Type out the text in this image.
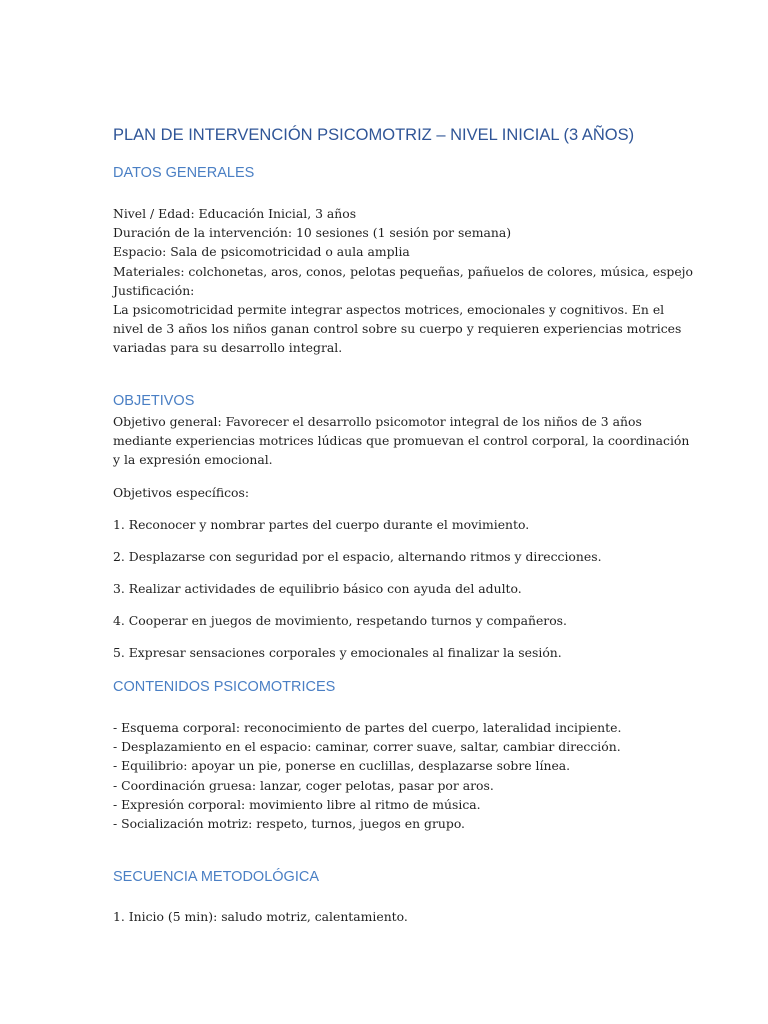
PLAN DE INTERVENCIÓN PSICOMOTRIZ – NIVEL INICIAL (3 AÑOS)
DATOS GENERALES
Nivel / Edad: Educación Inicial, 3 años
Duración de la intervención: 10 sesiones (1 sesión por semana)
Espacio: Sala de psicomotricidad o aula amplia
Materiales: colchonetas, aros, conos, pelotas pequeñas, pañuelos de colores, música, espejo
Justificación:
La psicomotricidad permite integrar aspectos motrices, emocionales y cognitivos. En el
nivel de 3 años los niños ganan control sobre su cuerpo y requieren experiencias motrices
variadas para su desarrollo integral.
OBJETIVOS
Objetivo general: Favorecer el desarrollo psicomotor integral de los niños de 3 años
mediante experiencias motrices lúdicas que promuevan el control corporal, la coordinación
y la expresión emocional.

Objetivos específicos:

1. Reconocer y nombrar partes del cuerpo durante el movimiento.

2. Desplazarse con seguridad por el espacio, alternando ritmos y direcciones.

3. Realizar actividades de equilibrio básico con ayuda del adulto.

4. Cooperar en juegos de movimiento, respetando turnos y compañeros.

5. Expresar sensaciones corporales y emocionales al finalizar la sesión.

CONTENIDOS PSICOMOTRICES
- Esquema corporal: reconocimiento de partes del cuerpo, lateralidad incipiente.
- Desplazamiento en el espacio: caminar, correr suave, saltar, cambiar dirección.
- Equilibrio: apoyar un pie, ponerse en cuclillas, desplazarse sobre línea.
- Coordinación gruesa: lanzar, coger pelotas, pasar por aros.
- Expresión corporal: movimiento libre al ritmo de música.
- Socialización motriz: respeto, turnos, juegos en grupo.
SECUENCIA METODOLÓGICA

1. Inicio (5 min): saludo motriz, calentamiento.
